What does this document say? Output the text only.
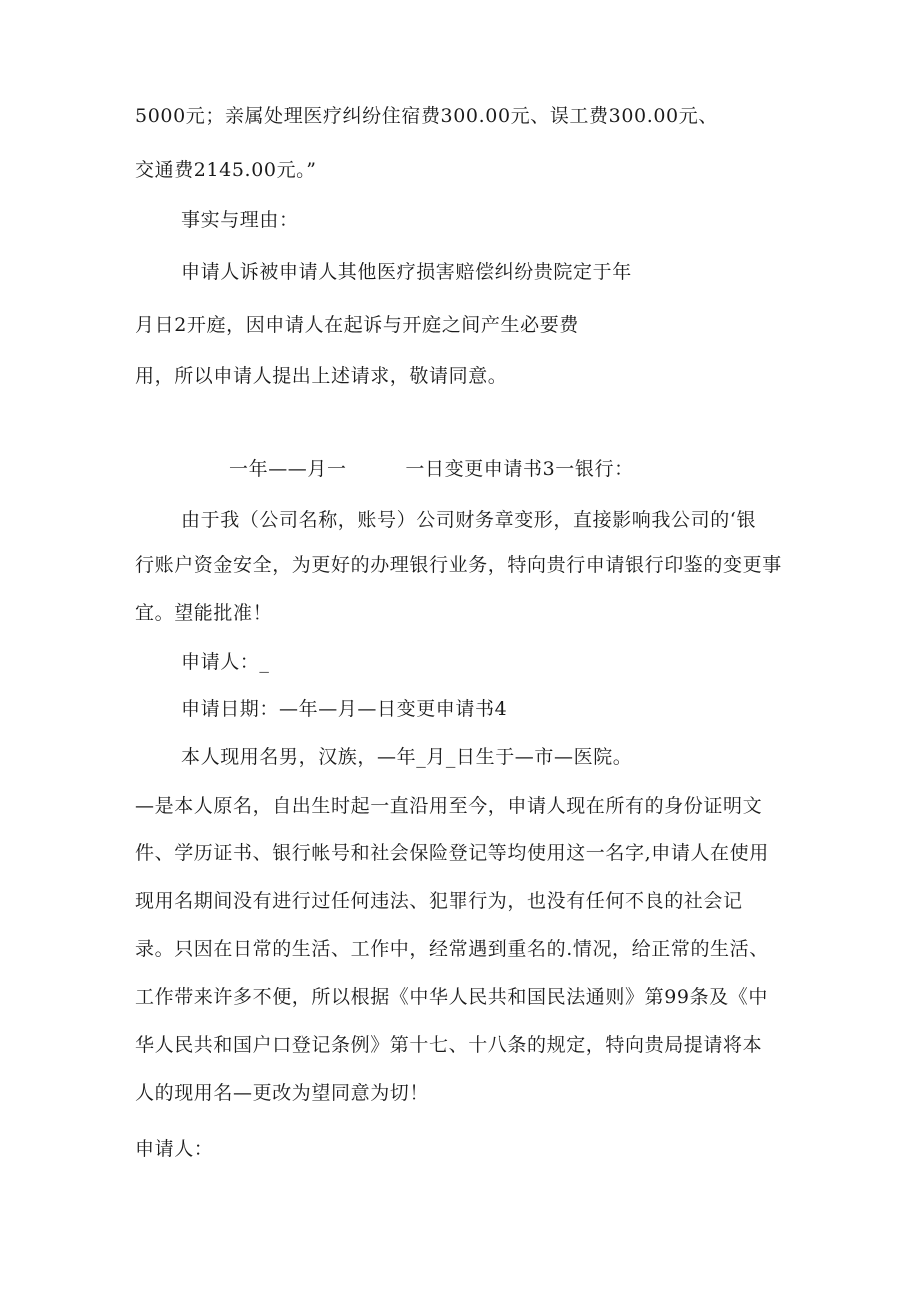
5000元；亲属处理医疗纠纷住宿费300.00元、误工费300.00元、

交通费2145.00元。”

事实与理由：

申请人诉被申请人其他医疗损害赔偿纠纷贵院定于年

月日2开庭，因申请人在起诉与开庭之间产生必要费

用，所以申请人提出上述请求，敬请同意。

一年——月一　　　一日变更申请书3一银行：

由于我（公司名称，账号）公司财务章变形，直接影响我公司的‘银

行账户资金安全，为更好的办理银行业务，特向贵行申请银行印鉴的变更事

宜。望能批准！

申请人：_

申请日期：—年—月—日变更申请书4

本人现用名男，汉族，—年_月_日生于—市—医院。

—是本人原名，自出生时起一直沿用至今，申请人现在所有的身份证明文

件、学历证书、银行帐号和社会保险登记等均使用这一名字,申请人在使用

现用名期间没有进行过任何违法、犯罪行为，也没有任何不良的社会记

录。只因在日常的生活、工作中，经常遇到重名的.情况，给正常的生活、

工作带来许多不便，所以根据《中华人民共和国民法通则》第99条及《中

华人民共和国户口登记条例》第十七、十八条的规定，特向贵局提请将本

人的现用名—更改为望同意为切！

申请人：
